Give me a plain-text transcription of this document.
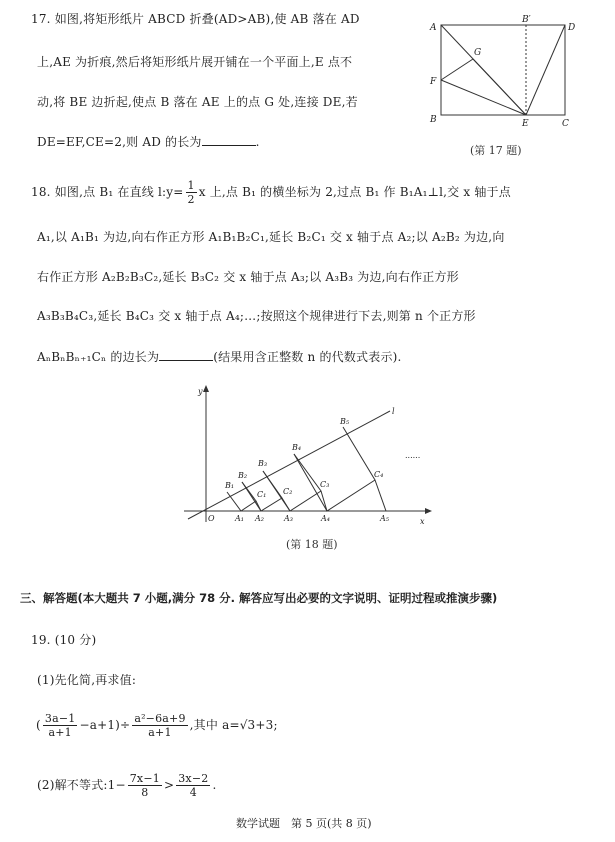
17. 如图,将矩形纸片 ABCD 折叠(AD>AB),使 AB 落在 AD
上,AE 为折痕,然后将矩形纸片展开铺在一个平面上,E 点不
动,将 BE 边折起,使点 B 落在 AE 上的点 G 处,连接 DE,若
DE=EF,CE=2,则 AD 的长为	.
A	D
B′
G
F
B	E	C
(第 17 题)
18. 如图,点 B₁ 在直线 l:y= $\frac{1}{2}$ x 上,点 B₁ 的横坐标为 2,过点 B₁ 作 B₁A₁⊥l,交 x 轴于点
A₁,以 A₁B₁ 为边,向右作正方形 A₁B₁B₂C₁,延长 B₂C₁ 交 x 轴于点 A₂;以 A₂B₂ 为边,向
右作正方形 A₂B₂B₃C₂,延长 B₃C₂ 交 x 轴于点 A₃;以 A₃B₃ 为边,向右作正方形
A₃B₃B₄C₃,延长 B₄C₃ 交 x 轴于点 A₄;…;按照这个规律进行下去,则第 n 个正方形
AₙBₙBₙ₊₁Cₙ 的边长为	(结果用含正整数 n 的代数式表示).
y
x
O
l
......
B₁
B₂
B₃
B₄
B₅
C₁ C₂
C₃
C₄
A₁ A₂	A₃	A₄	A₅
(第 18 题)
三、解答题(本大题共 7 小题,满分 78 分. 解答应写出必要的文字说明、证明过程或推演步骤)
19. (10 分)
(1)先化简,再求值:
( $\frac{3a-1}{a+1} -a+1)\div \frac{\text{a²−6a+9}}{a+1}$ ,其中 a=√3+3;
(2)解不等式:1− $\frac{7x-1}{8} > \frac{3x-2}{4}$ .
数学试题　第 5 页(共 8 页)
